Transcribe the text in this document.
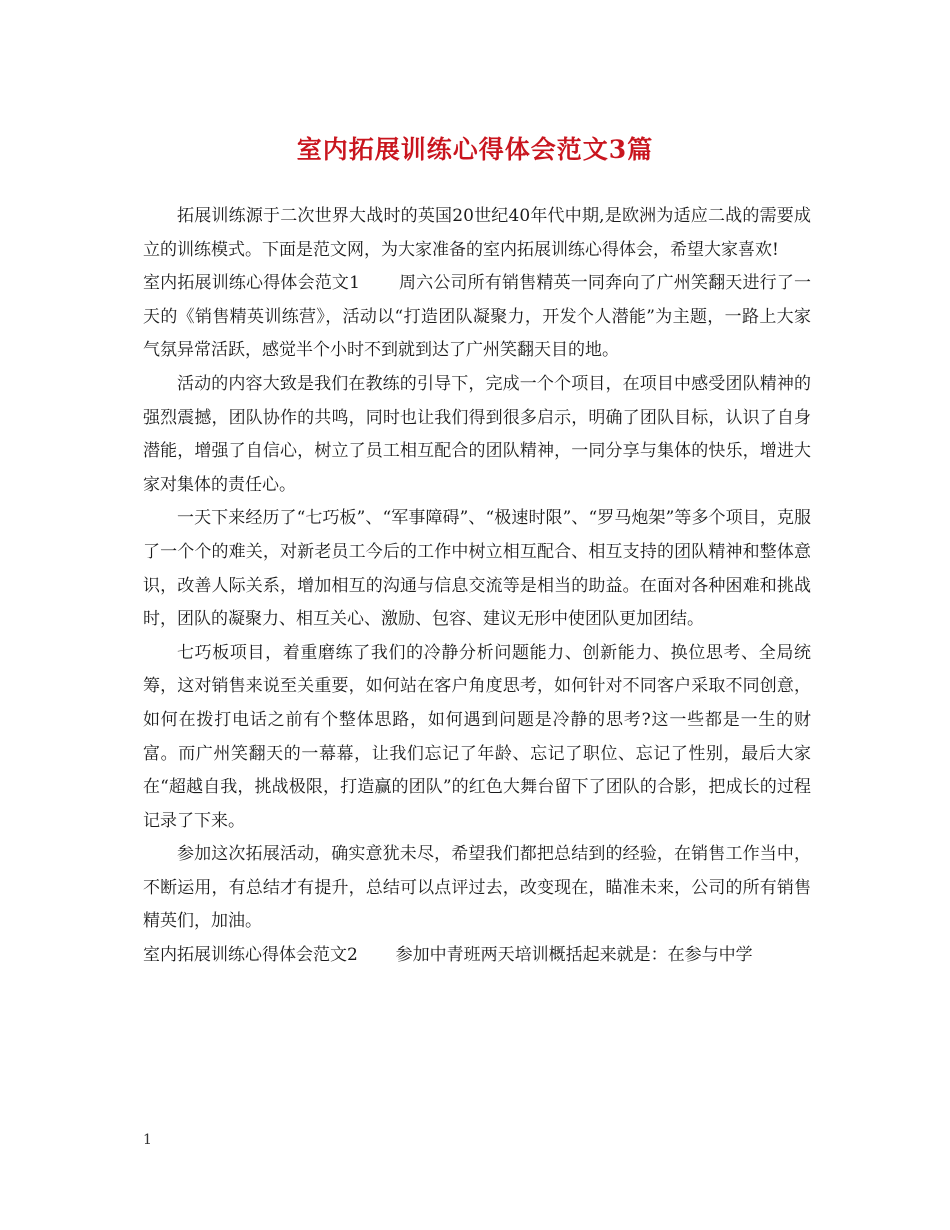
室内拓展训练心得体会范文3篇

拓展训练源于二次世界大战时的英国20世纪40年代中期,是欧洲为适应二战的需要成立的训练模式。下面是范文网，为大家准备的室内拓展训练心得体会，希望大家喜欢!

室内拓展训练心得体会范文1 周六公司所有销售精英一同奔向了广州笑翻天进行了一天的《销售精英训练营》，活动以“打造团队凝聚力，开发个人潜能”为主题，一路上大家气氛异常活跃，感觉半个小时不到就到达了广州笑翻天目的地。

活动的内容大致是我们在教练的引导下，完成一个个项目，在项目中感受团队精神的强烈震撼，团队协作的共鸣，同时也让我们得到很多启示，明确了团队目标，认识了自身潜能，增强了自信心，树立了员工相互配合的团队精神，一同分享与集体的快乐，增进大家对集体的责任心。

一天下来经历了“七巧板”、“军事障碍”、“极速时限”、“罗马炮架”等多个项目，克服了一个个的难关，对新老员工今后的工作中树立相互配合、相互支持的团队精神和整体意识，改善人际关系，增加相互的沟通与信息交流等是相当的助益。在面对各种困难和挑战时，团队的凝聚力、相互关心、激励、包容、建议无形中使团队更加团结。

七巧板项目，着重磨练了我们的冷静分析问题能力、创新能力、换位思考、全局统筹，这对销售来说至关重要，如何站在客户角度思考，如何针对不同客户采取不同创意，如何在拨打电话之前有个整体思路，如何遇到问题是冷静的思考?这一些都是一生的财富。而广州笑翻天的一幕幕，让我们忘记了年龄、忘记了职位、忘记了性别，最后大家在“超越自我，挑战极限，打造赢的团队”的红色大舞台留下了团队的合影，把成长的过程记录了下来。

参加这次拓展活动，确实意犹未尽，希望我们都把总结到的经验，在销售工作当中，不断运用，有总结才有提升，总结可以点评过去，改变现在，瞄准未来，公司的所有销售精英们，加油。

室内拓展训练心得体会范文2 参加中青班两天培训概括起来就是：在参与中学

1
